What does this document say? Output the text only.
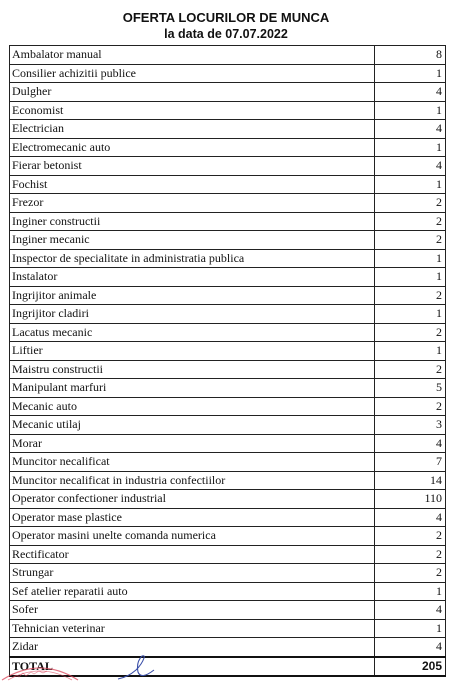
OFERTA LOCURILOR DE MUNCA
la data de 07.07.2022
Ambalator manual	8
Consilier achizitii publice	1
Dulgher	4
Economist	1
Electrician	4
Electromecanic auto	1
Fierar betonist	4
Fochist	1
Frezor	2
Inginer constructii	2
Inginer mecanic	2
Inspector de specialitate in administratia publica	1
Instalator	1
Ingrijitor animale	2
Ingrijitor cladiri	1
Lacatus mecanic	2
Liftier	1
Maistru constructii	2
Manipulant marfuri	5
Mecanic auto	2
Mecanic utilaj	3
Morar	4
Muncitor necalificat	7
Muncitor necalificat in industria confectiilor	14
Operator confectioner industrial	110
Operator mase plastice	4
Operator masini unelte comanda numerica	2
Rectificator	2
Strungar	2
Sef atelier reparatii auto	1
Sofer	4
Tehnician veterinar	1
Zidar	4
TOTAL	205
